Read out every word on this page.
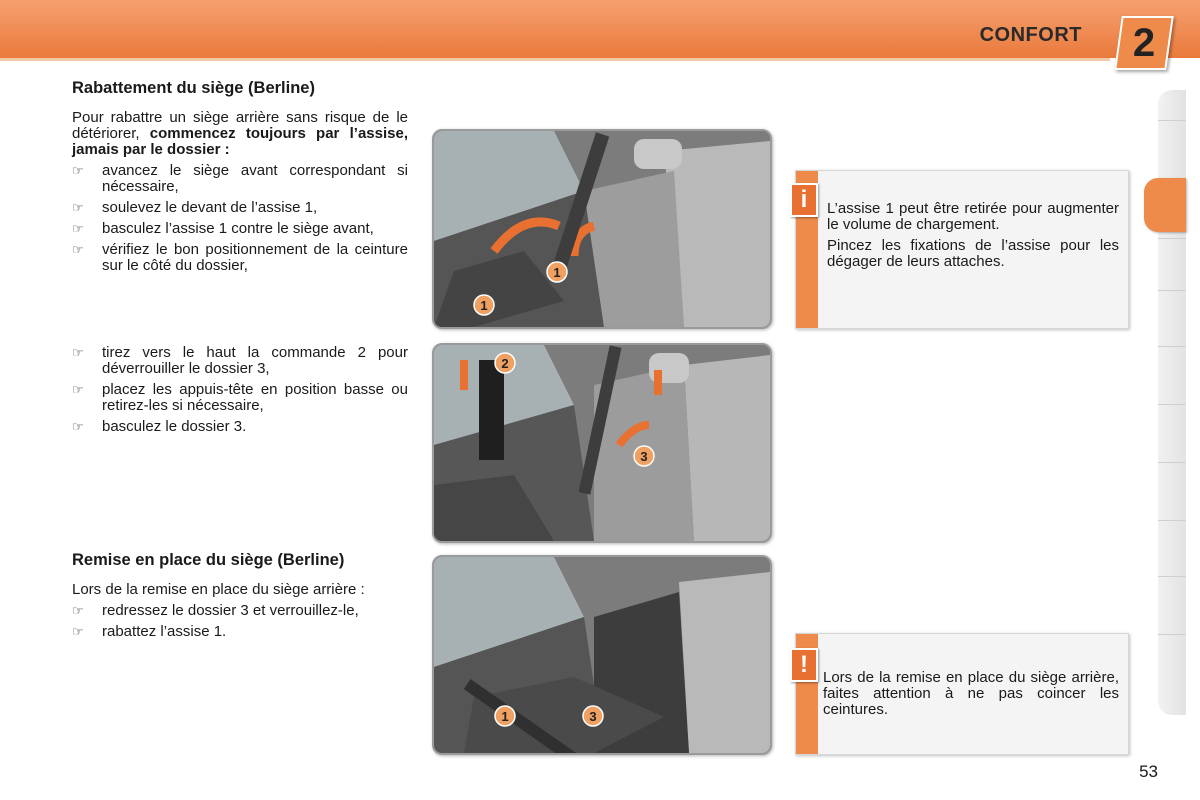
CONFORT 2
Rabattement du siège (Berline)

Pour rabattre un siège arrière sans risque de le détériorer, commencez toujours par l’assise, jamais par le dossier :

☞ avancez le siège avant correspondant si nécessaire,
☞ soulevez le devant de l’assise 1,
☞ basculez l’assise 1 contre le siège avant,
☞ vérifiez le bon positionnement de la ceinture sur le côté du dossier,
☞ tirez vers le haut la commande 2 pour déverrouiller le dossier 3,
☞ placez les appuis-tête en position basse ou retirez-les si nécessaire,
☞ basculez le dossier 3.
Remise en place du siège (Berline)

Lors de la remise en place du siège arrière :

☞ redressez le dossier 3 et verrouillez-le,
☞ rabattez l’assise 1.
1
1
2
3
1	3
i	L’assise 1 peut être retirée pour augmenter le volume de chargement.

Pincez les fixations de l’assise pour les dégager de leurs attaches.

!	Lors de la remise en place du siège arrière, faites attention à ne pas coincer les ceintures.

53
